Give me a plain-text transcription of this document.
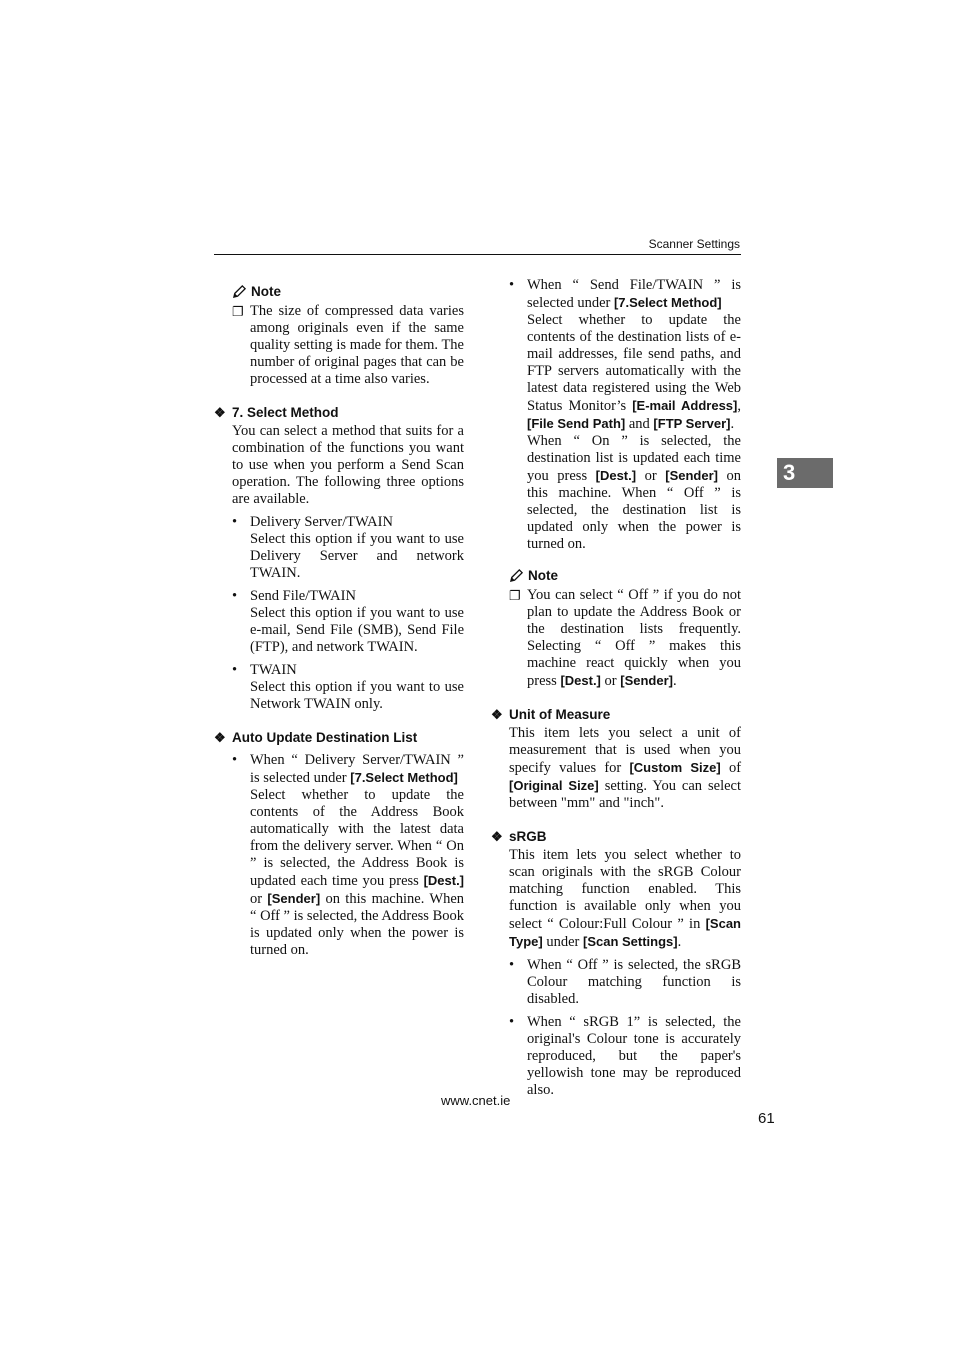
Scanner Settings
3
Note
❐ The size of compressed data varies among originals even if the same quality setting is made for them. The number of original pages that can be processed at a time also varies.
❖ 7. Select Method
You can select a method that suits for a combination of the functions you want to use when you perform a Send Scan operation. The following three options are available.
• Delivery Server/TWAIN
Select this option if you want to use Delivery Server and network TWAIN.
• Send File/TWAIN
Select this option if you want to use e-mail, Send File (SMB), Send File (FTP), and network TWAIN.
• TWAIN
Select this option if you want to use Network TWAIN only.
❖ Auto Update Destination List
• When “ Delivery Server/TWAIN ” is selected under [7.Select Method]
Select whether to update the contents of the Address Book automatically with the latest data from the delivery server. When “ On ” is selected, the Address Book is updated each time you press [Dest.] or [Sender] on this machine. When “ Off ” is selected, the Address Book is updated only when the power is turned on.
• When “ Send File/TWAIN ” is selected under [7.Select Method]
Select whether to update the contents of the destination lists of e-mail addresses, file send paths, and FTP servers automatically with the latest data registered using the Web Status Monitor’s [E-mail Address], [File Send Path] and [FTP Server].
When “ On ” is selected, the destination list is updated each time you press [Dest.] or [Sender] on this machine. When “ Off ” is selected, the destination list is updated only when the power is turned on.
Note
❐ You can select “ Off ” if you do not plan to update the Address Book or the destination lists frequently. Selecting “ Off ” makes this machine react quickly when you press [Dest.] or [Sender].
❖ Unit of Measure
This item lets you select a unit of measurement that is used when you specify values for [Custom Size] of [Original Size] setting. You can select between "mm" and "inch".
❖ sRGB
This item lets you select whether to scan originals with the sRGB Colour matching function enabled. This function is available only when you select “ Colour:Full Colour ” in [Scan Type] under [Scan Settings].
• When “ Off ” is selected, the sRGB Colour matching function is disabled.
• When “ sRGB 1” is selected, the original's Colour tone is accurately reproduced, but the paper's yellowish tone may be reproduced also.
www.cnet.ie
61
